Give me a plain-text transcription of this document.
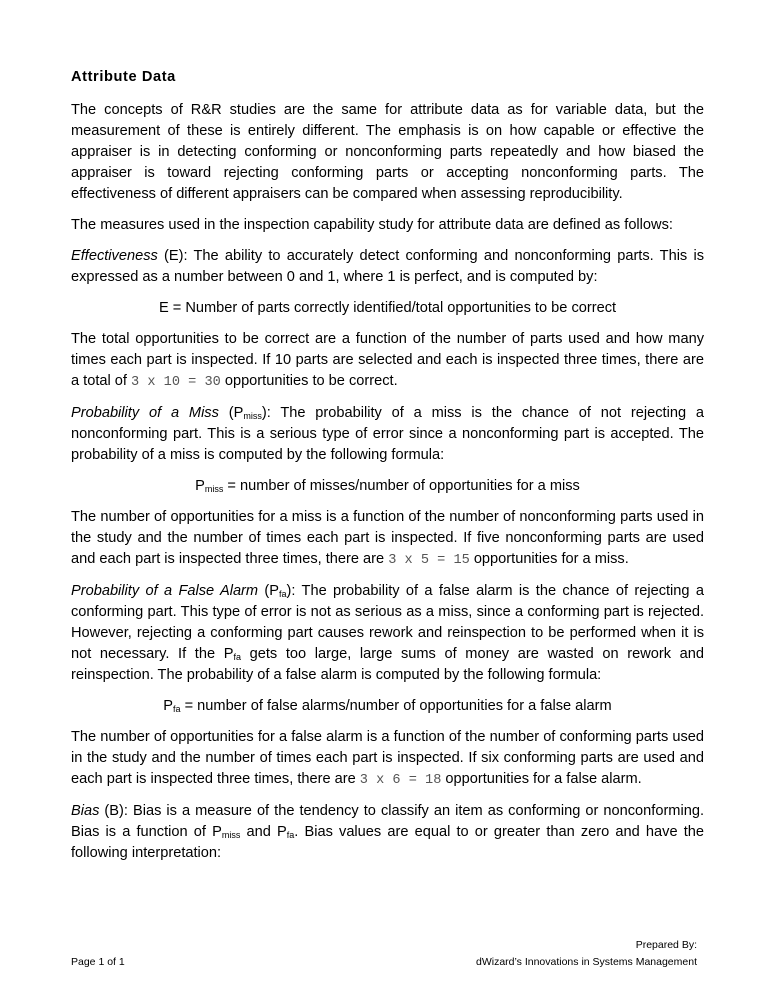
Attribute Data

The concepts of R&R studies are the same for attribute data as for variable data, but the measurement of these is entirely different. The emphasis is on how capable or effective the appraiser is in detecting conforming or nonconforming parts repeatedly and how biased the appraiser is toward rejecting conforming parts or accepting nonconforming parts. The effectiveness of different appraisers can be compared when assessing reproducibility.

The measures used in the inspection capability study for attribute data are defined as follows:

Effectiveness (E): The ability to accurately detect conforming and nonconforming parts. This is expressed as a number between 0 and 1, where 1 is perfect, and is computed by:

E = Number of parts correctly identified/total opportunities to be correct

The total opportunities to be correct are a function of the number of parts used and how many times each part is inspected. If 10 parts are selected and each is inspected three times, there are a total of 3 x 10 = 30 opportunities to be correct.

Probability of a Miss $(P_{miss})$: The probability of a miss is the chance of not rejecting a nonconforming part. This is a serious type of error since a nonconforming part is accepted. The probability of a miss is computed by the following formula:

$P_{miss}$ = number of misses/number of opportunities for a miss

The number of opportunities for a miss is a function of the number of nonconforming parts used in the study and the number of times each part is inspected. If five nonconforming parts are used and each part is inspected three times, there are 3 x 5 = 15 opportunities for a miss.

Probability of a False Alarm $(P_{fa})$: The probability of a false alarm is the chance of rejecting a conforming part. This type of error is not as serious as a miss, since a conforming part is rejected. However, rejecting a conforming part causes rework and reinspection to be performed when it is not necessary. If the $P_{fa}$ gets too large, large sums of money are wasted on rework and reinspection. The probability of a false alarm is computed by the following formula:

$P_{fa}$ = number of false alarms/number of opportunities for a false alarm

The number of opportunities for a false alarm is a function of the number of conforming parts used in the study and the number of times each part is inspected. If six conforming parts are used and each part is inspected three times, there are 3 x 6 = 18 opportunities for a false alarm.

Bias (B): Bias is a measure of the tendency to classify an item as conforming or nonconforming. Bias is a function of $P_{miss}$ and $P_{fa}$. Bias values are equal to or greater than zero and have the following interpretation:

Page 1 of 1
Prepared By:
dWizard’s Innovations in Systems Management
